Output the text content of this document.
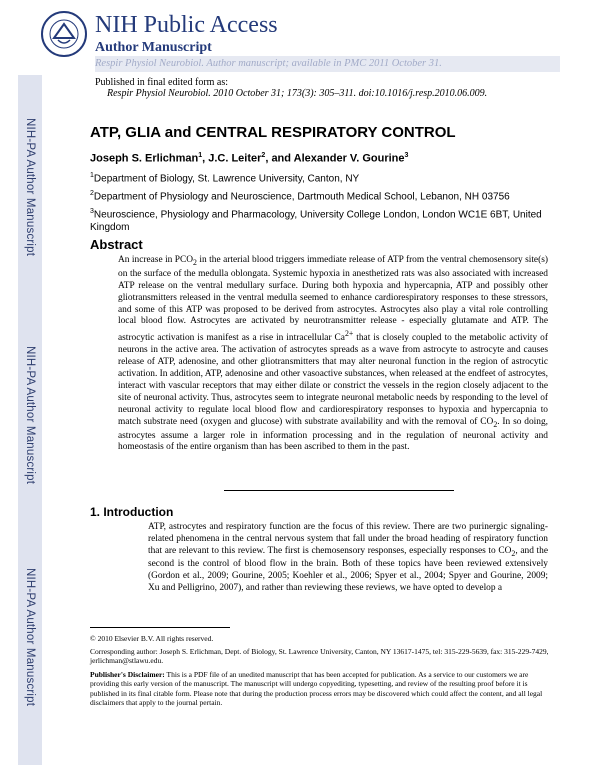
NIH-PA Author Manuscript
NIH-PA Author Manuscript
NIH-PA Author Manuscript
NIH Public Access
Author Manuscript
Respir Physiol Neurobiol. Author manuscript; available in PMC 2011 October 31.
Published in final edited form as:
Respir Physiol Neurobiol. 2010 October 31; 173(3): 305–311. doi:10.1016/j.resp.2010.06.009.
ATP, GLIA and CENTRAL RESPIRATORY CONTROL
Joseph S. Erlichman$^1$, J.C. Leiter$^2$, and Alexander V. Gourine$^3$
$^1$Department of Biology, St. Lawrence University, Canton, NY
$^2$Department of Physiology and Neuroscience, Dartmouth Medical School, Lebanon, NH 03756
$^3$Neuroscience, Physiology and Pharmacology, University College London, London WC1E 6BT, United Kingdom
Abstract
An increase in $PCO_2$ in the arterial blood triggers immediate release of ATP from the ventral chemosensory site(s) on the surface of the medulla oblongata. Systemic hypoxia in anesthetized rats was also associated with increased ATP release on the ventral medullary surface. During both hypoxia and hypercapnia, ATP and possibly other gliotransmitters released in the ventral medulla seemed to enhance cardiorespiratory responses to these stressors, and some of this ATP was proposed to be derived from astrocytes. Astrocytes also play a vital role controlling local blood flow. Astrocytes are activated by neurotransmitter release - especially glutamate and ATP. The astrocytic activation is manifest as a rise in intracellular $Ca^{2+}$ that is closely coupled to the metabolic activity of neurons in the active area. The activation of astrocytes spreads as a wave from astrocyte to astrocyte and causes release of ATP, adenosine, and other gliotransmitters that may alter neuronal function in the region of astrocytic activation. In addition, ATP, adenosine and other vasoactive substances, when released at the endfeet of astrocytes, interact with vascular receptors that may either dilate or constrict the vessels in the region closely adjacent to the site of neuronal activity. Thus, astrocytes seem to integrate neuronal metabolic needs by responding to the level of neuronal activity to regulate local blood flow and cardiorespiratory responses to hypoxia and hypercapnia to match substrate need (oxygen and glucose) with substrate availability and with the removal of $CO_2$. In so doing, astrocytes assume a larger role in information processing and in the regulation of neuronal activity and homeostasis of the entire organism than has been ascribed to them in the past.
1. Introduction
ATP, astrocytes and respiratory function are the focus of this review. There are two purinergic signaling-related phenomena in the central nervous system that fall under the broad heading of respiratory function that are relevant to this review. The first is chemosensory responses, especially responses to $CO_2$, and the second is the control of blood flow in the brain. Both of these topics have been reviewed extensively (Gordon et al., 2009; Gourine, 2005; Koehler et al., 2006; Spyer et al., 2004; Spyer and Gourine, 2009; Xu and Pelligrino, 2007), and rather than reviewing these reviews, we have opted to develop a
© 2010 Elsevier B.V. All rights reserved.
Corresponding author: Joseph S. Erlichman, Dept. of Biology, St. Lawrence University, Canton, NY 13617-1475, tel: 315-229-5639, fax: 315-229-7429, jerlichman@stlawu.edu.
Publisher's Disclaimer: This is a PDF file of an unedited manuscript that has been accepted for publication. As a service to our customers we are providing this early version of the manuscript. The manuscript will undergo copyediting, typesetting, and review of the resulting proof before it is published in its final citable form. Please note that during the production process errors may be discovered which could affect the content, and all legal disclaimers that apply to the journal pertain.
